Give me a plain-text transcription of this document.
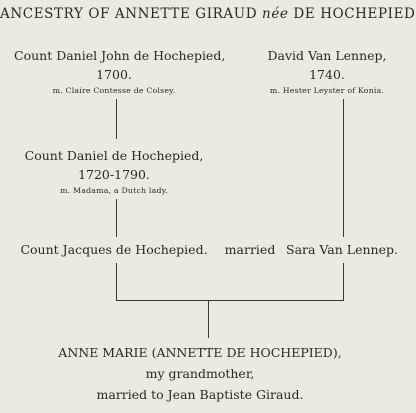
ANCESTRY OF ANNETTE GIRAUD née DE HOCHEPIED
Count Daniel John de Hochepied,
1700.
m. Claire Contesse de Colsey.
David Van Lennep,
1740.
m. Hester Leyster of Konia.
Count Daniel de Hochepied,
1720-1790.
m. Madama, a Dutch lady.
Count Jacques de Hochepied.	married Sara Van Lennep.
ANNE MARIE (ANNETTE DE HOCHEPIED),
my grandmother,
married to Jean Baptiste Giraud.
